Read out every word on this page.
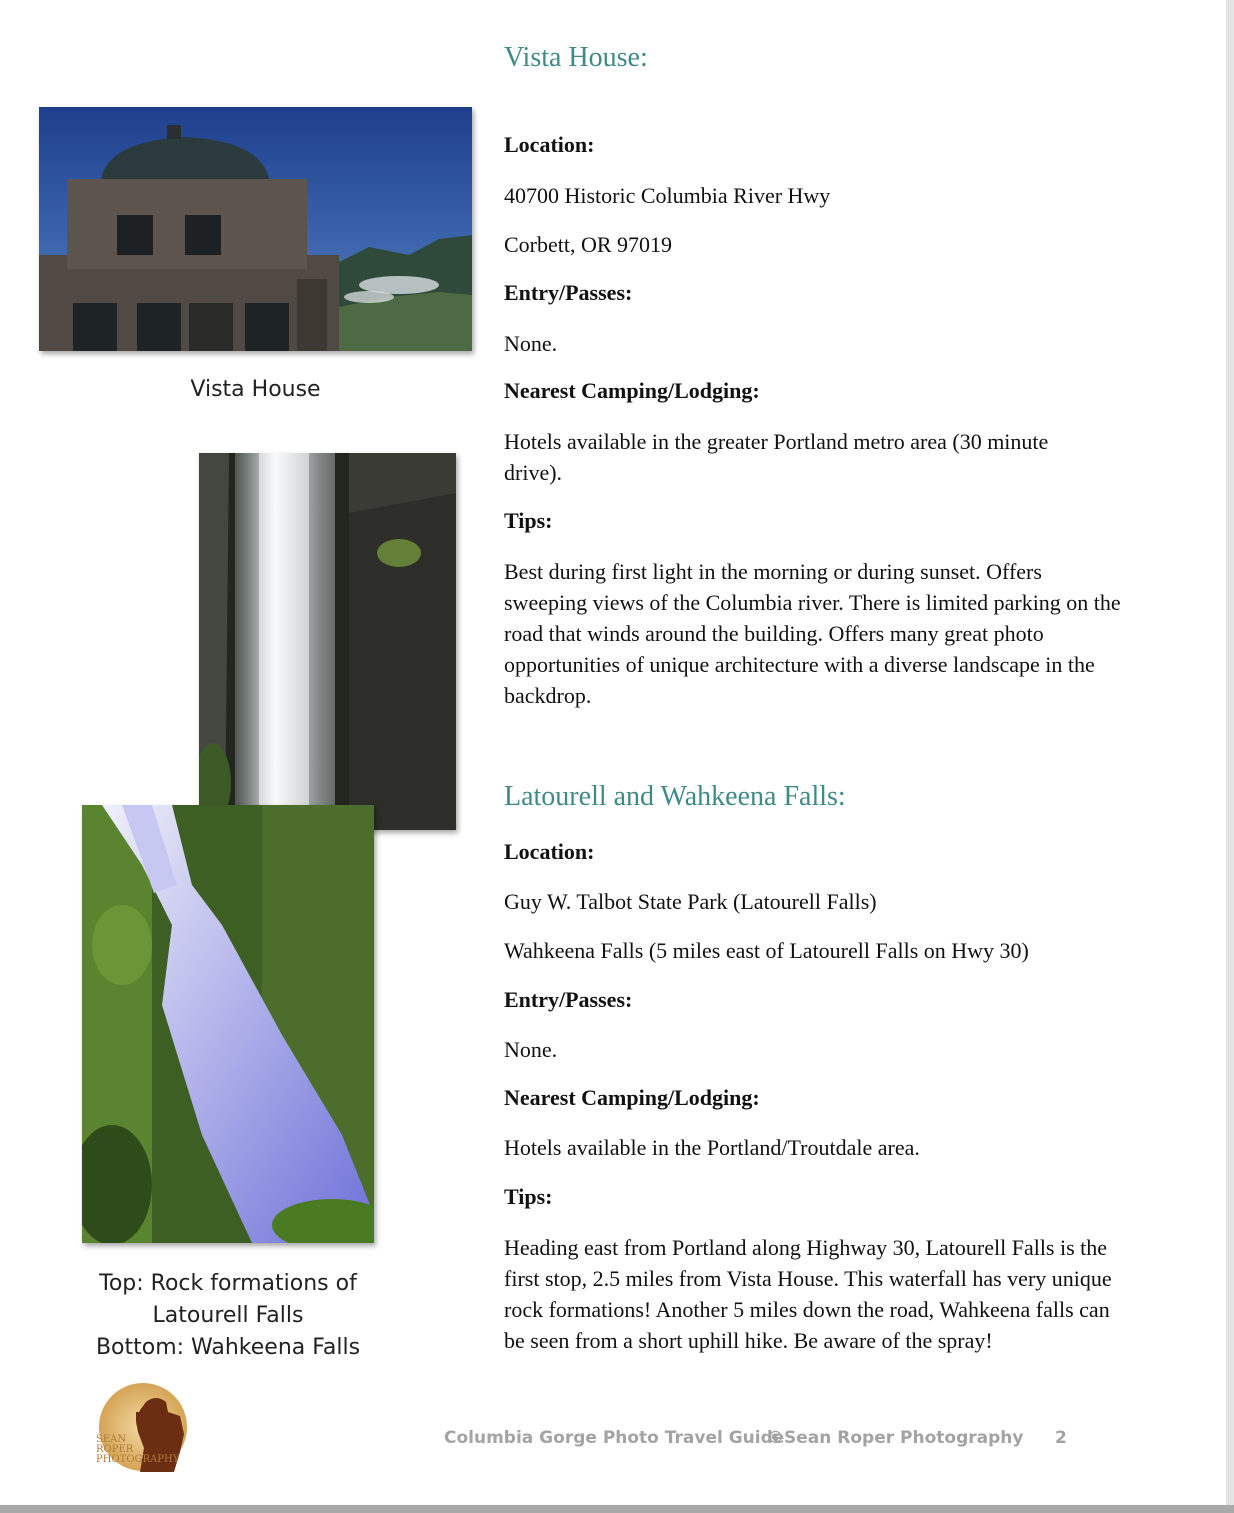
Vista House:
Location:
40700 Historic Columbia River Hwy
Corbett, OR 97019
Entry/Passes:
None.
Nearest Camping/Lodging:
Hotels available in the greater Portland metro area (30 minute drive).
Tips:
Best during first light in the morning or during sunset. Offers sweeping views of the Columbia river. There is limited parking on the road that winds around the building. Offers many great photo opportunities of unique architecture with a diverse landscape in the backdrop.
Latourell and Wahkeena Falls:
Location:
Guy W. Talbot State Park (Latourell Falls)
Wahkeena Falls (5 miles east of Latourell Falls on Hwy 30)
Entry/Passes:
None.
Nearest Camping/Lodging:
Hotels available in the Portland/Troutdale area.
Tips:
Heading east from Portland along Highway 30, Latourell Falls is the first stop, 2.5 miles from Vista House. This waterfall has very unique rock formations! Another 5 miles down the road, Wahkeena falls can be seen from a short uphill hike. Be aware of the spray!
Vista House
Top: Rock formations of
Latourell Falls
Bottom: Wahkeena Falls
SEAN
ROPER
PHOTOGRAPHY
Columbia Gorge Photo Travel Guide
©Sean Roper Photography 2
